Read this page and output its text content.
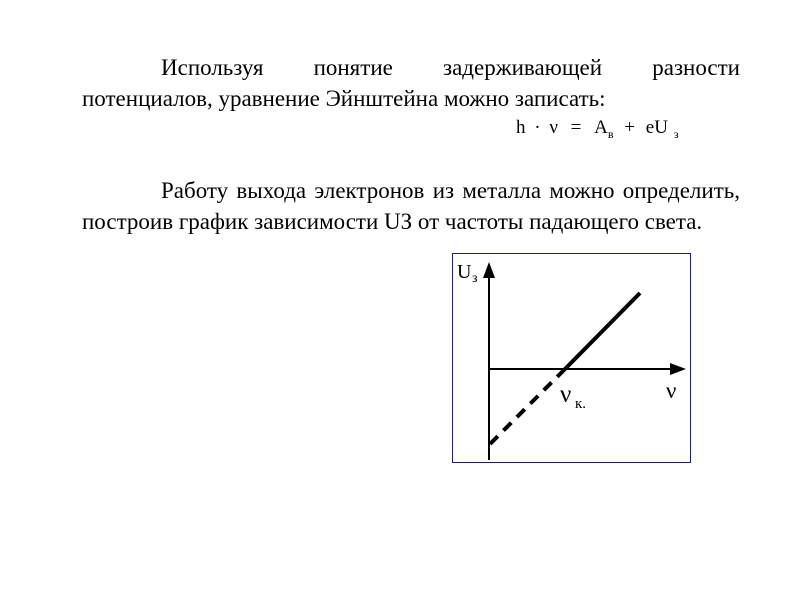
Используя понятие задерживающей разности потенциалов, уравнение Эйнштейна можно записать:

h · ν = Aв + eU з

Работу выхода электронов из металла можно определить, построив график зависимости UЗ от частоты падающего света.

U з
ν
ν к.
